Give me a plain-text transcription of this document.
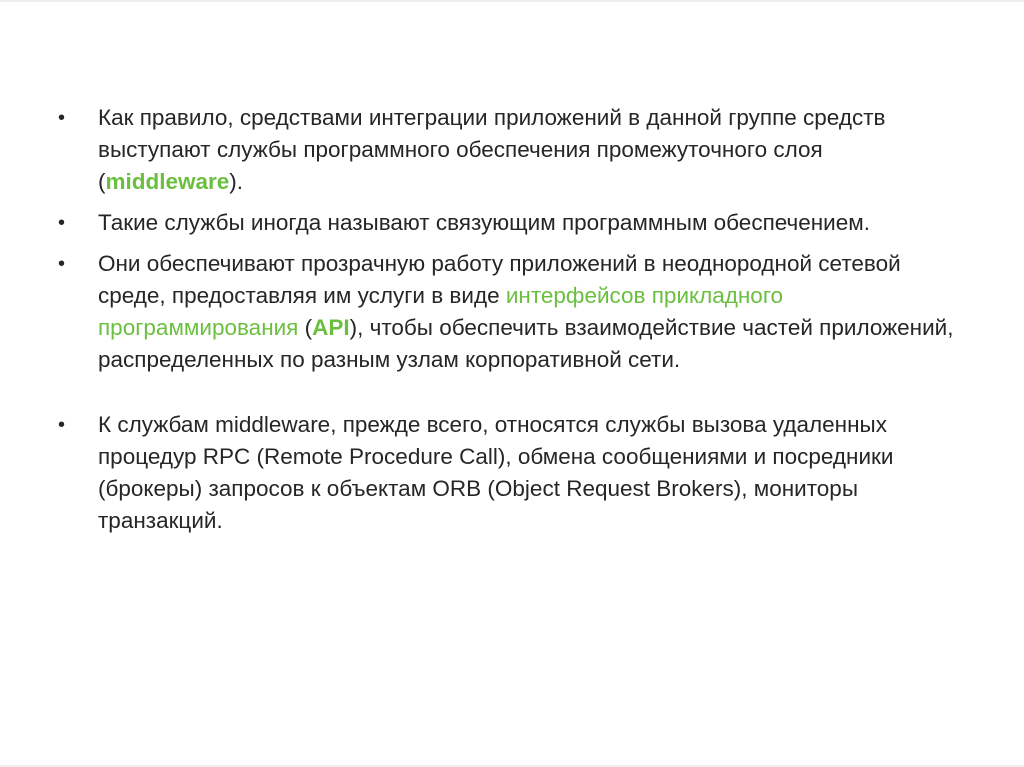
• Как правило, средствами интеграции приложений в данной группе средств выступают службы программного обеспечения промежуточного слоя (middleware).
• Такие службы иногда называют связующим программным обеспечением.
• Они обеспечивают прозрачную работу приложений в неоднородной сетевой среде, предоставляя им услуги в виде интерфейсов прикладного программирования (API), чтобы обеспечить взаимодействие частей приложений, распределенных по разным узлам корпоративной сети.
• К службам middleware, прежде всего, относятся службы вызова удаленных процедур RPC (Remote Procedure Call), обмена сообщениями и посредники (брокеры) запросов к объектам ORB (Object Request Brokers), мониторы транзакций.
